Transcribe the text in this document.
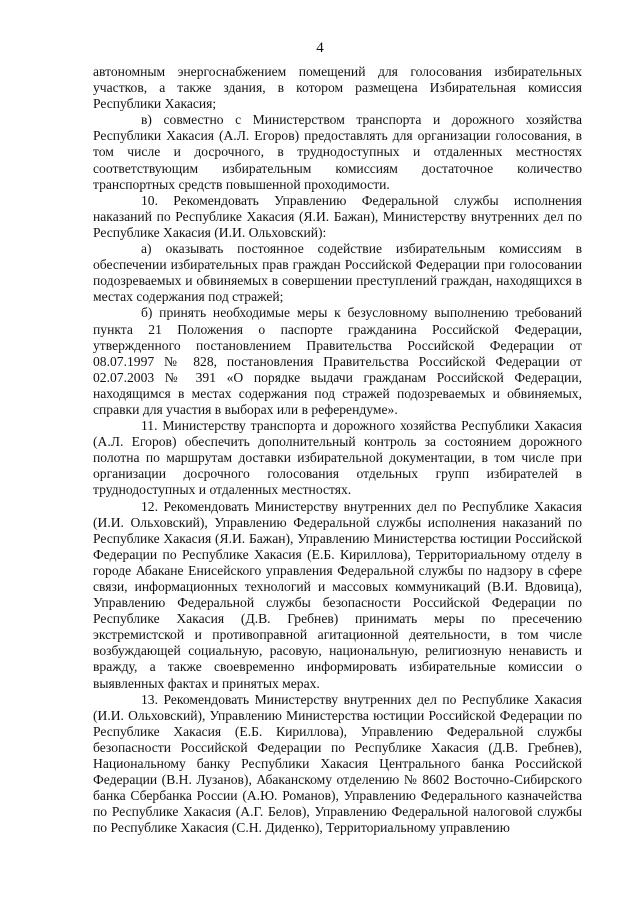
4

автономным энергоснабжением помещений для голосования избирательных участков, а также здания, в котором размещена Избирательная комиссия Республики Хакасия;

в) совместно с Министерством транспорта и дорожного хозяйства Республики Хакасия (А.Л. Егоров) предоставлять для организации голосования, в том числе и досрочного, в труднодоступных и отдаленных местностях соответствующим избирательным комиссиям достаточное количество транспортных средств повышенной проходимости.

10. Рекомендовать Управлению Федеральной службы исполнения наказаний по Республике Хакасия (Я.И. Бажан), Министерству внутренних дел по Республике Хакасия (И.И. Ольховский):

а) оказывать постоянное содействие избирательным комиссиям в обеспечении избирательных прав граждан Российской Федерации при голосовании подозреваемых и обвиняемых в совершении преступлений граждан, находящихся в местах содержания под стражей;

б) принять необходимые меры к безусловному выполнению требований пункта 21 Положения о паспорте гражданина Российской Федерации, утвержденного постановлением Правительства Российской Федерации от 08.07.1997 № 828, постановления Правительства Российской Федерации от 02.07.2003 № 391 «О порядке выдачи гражданам Российской Федерации, находящимся в местах содержания под стражей подозреваемых и обвиняемых, справки для участия в выборах или в референдуме».

11. Министерству транспорта и дорожного хозяйства Республики Хакасия (А.Л. Егоров) обеспечить дополнительный контроль за состоянием дорожного полотна по маршрутам доставки избирательной документации, в том числе при организации досрочного голосования отдельных групп избирателей в труднодоступных и отдаленных местностях.

12. Рекомендовать Министерству внутренних дел по Республике Хакасия (И.И. Ольховский), Управлению Федеральной службы исполнения наказаний по Республике Хакасия (Я.И. Бажан), Управлению Министерства юстиции Российской Федерации по Республике Хакасия (Е.Б. Кириллова), Территориальному отделу в городе Абакане Енисейского управления Федеральной службы по надзору в сфере связи, информационных технологий и массовых коммуникаций (В.И. Вдовица), Управлению Федеральной службы безопасности Российской Федерации по Республике Хакасия (Д.В. Гребнев) принимать меры по пресечению экстремистской и противоправной агитационной деятельности, в том числе возбуждающей социальную, расовую, национальную, религиозную ненависть и вражду, а также своевременно информировать избирательные комиссии о выявленных фактах и принятых мерах.

13. Рекомендовать Министерству внутренних дел по Республике Хакасия (И.И. Ольховский), Управлению Министерства юстиции Российской Федерации по Республике Хакасия (Е.Б. Кириллова), Управлению Федеральной службы безопасности Российской Федерации по Республике Хакасия (Д.В. Гребнев), Национальному банку Республики Хакасия Центрального банка Российской Федерации (В.Н. Лузанов), Абаканскому отделению № 8602 Восточно-Сибирского банка Сбербанка России (А.Ю. Романов), Управлению Федерального казначейства по Республике Хакасия (А.Г. Белов), Управлению Федеральной налоговой службы по Республике Хакасия (С.Н. Диденко), Территориальному управлению
